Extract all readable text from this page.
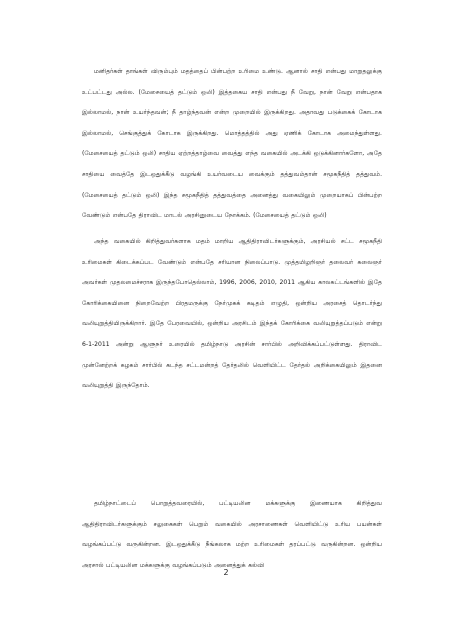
மனிதர்கள் தாங்கள் விரும்பும் மதத்தைப் பின்பற்ற உரிமை உண்டு. ஆனால் சாதி என்பது மாறுதலுக்கு உட்பட்டது அல்ல. (மேசையைத் தட்டும் ஒலி) இத்தகைய சாதி என்பது நீ வேறு, நான் வேறு என்பதாக இல்லாமல், நான் உயர்ந்தவன்; நீ தாழ்ந்தவன் என்ற முறையில் இருக்கிறது. அதாவது படுக்கைக் கோடாக இல்லாமல், செங்குத்துக் கோடாக இருக்கிறது. மொத்தத்தில் அது ஏணிக் கோடாக அமைந்துள்ளது. (மேசையைத் தட்டும் ஒலி) சாதிய ஏற்றத்தாழ்வை வைத்து எந்த வகையில் அடக்கி ஒடுக்கினார்களோ, அதே சாதியை வைத்தே இடஒதுக்கீடு வழங்கி உயர்வடைய வைக்கும் தத்துவம்தான் சமூகநீதித் தத்துவம். (மேசையைத் தட்டும் ஒலி) இந்த சமூகநீதித் தத்துவத்தை அனைத்து வகையிலும் முறையாகப் பின்பற்ற வேண்டும் என்பதே திராவிட மாடல் அரசினுடைய நோக்கம். (மேசையைத் தட்டும் ஒலி)

அந்த வகையில் கிறித்துவர்களாக மதம் மாறிய ஆதிதிராவிடர்களுக்கும், அரசியல் சட்ட சமூகநீதி உரிமைகள் கிடைக்கப்பட வேண்டும் என்பதே சரியான நிலைப்பாடு. முத்தமிழறிஞர் தலைவர் கலைஞர் அவர்கள் முதலமைச்சராக இருந்தபோதெல்லாம், 1996, 2006, 2010, 2011 ஆகிய காலகட்டங்களில் இதே கோரிக்கையினை நிறைவேற்ற பிரதமருக்கு நேர்முகக் கடிதம் எழுதி, ஒன்றிய அரசைத் தொடர்ந்து வலியுறுத்தியிருக்கிறார். இதே பேரவையில், ஒன்றிய அரசிடம் இந்தக் கோரிக்கை வலியுறுத்தப்படும் என்று 6-1-2011 அன்று ஆளுநர் உரையில் தமிழ்நாடு அரசின் சார்பில் அறிவிக்கப்பட்டுள்ளது. திராவிட முன்னேற்றக் கழகம் சார்பில் கடந்த சட்டமன்றத் தேர்தலில் வெளியிட்ட தேர்தல் அறிக்கையிலும் இதனை வலியுறுத்தி இருந்தோம்.

தமிழ்நாட்டைப் பொறுத்தவரையில், பட்டியலின மக்களுக்கு இணையாக கிறித்துவ ஆதிதிராவிடர்களுக்கும் சலுகைகள் பெறும் வகையில் அரசாணைகள் வெளியிட்டு உரிய பயன்கள் வழங்கப்பட்டு வருகின்றன. இடஒதுக்கீடு நீங்கலாக மற்ற உரிமைகள் தரப்பட்டு வருகின்றன. ஒன்றிய அரசால் பட்டியலின மக்களுக்கு வழங்கப்படும் அனைத்துக் கல்வி

2
